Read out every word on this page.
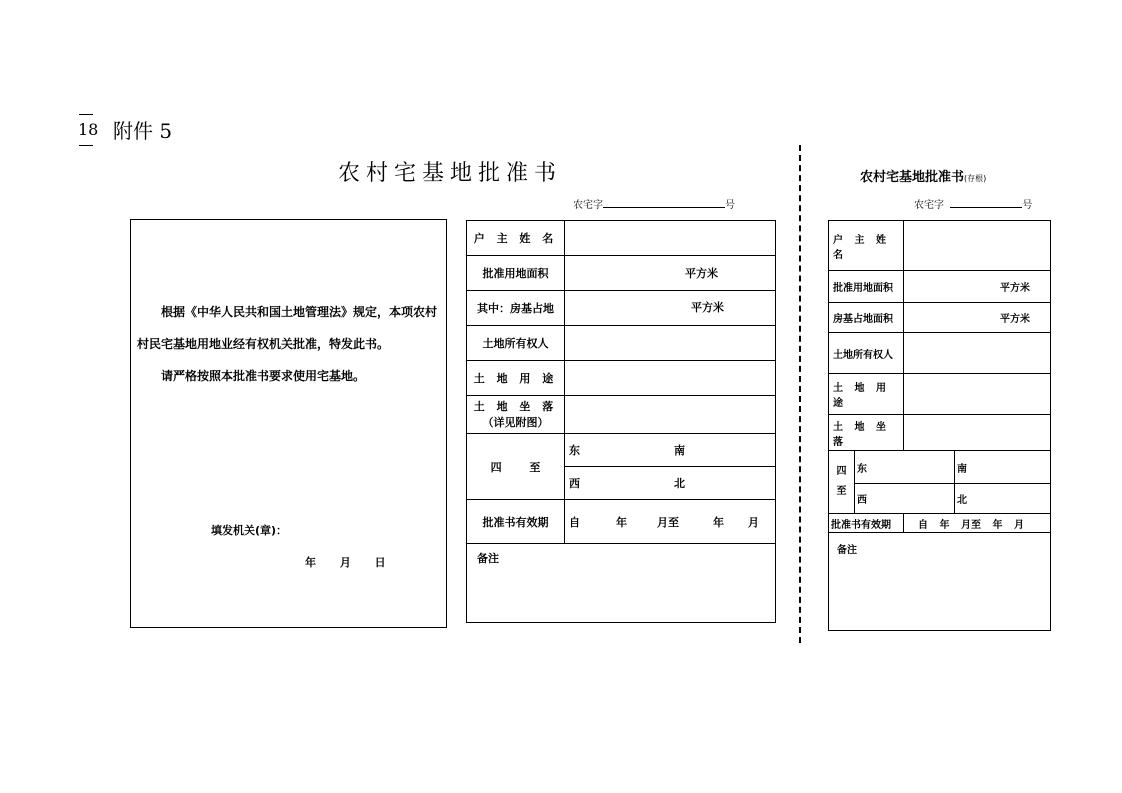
18 附件 5
农村宅基地批准书
农宅字	号

根据《中华人民共和国土地管理法》规定，本项农村村民宅基地用地业经有权机关批准，特发此书。

请严格按照本批准书要求使用宅基地。

填发机关(章)：
年 月 日
户 主 姓 名	
批准用地面积	平方米
其中：房基占地	平方米
土地所有权人	
土 地 用 途	

土 地 坐 落
（详见附图）	

四 至	东 南
	西 北
批准书有效期	自 年 月至 年 月
备注	
农村宅基地批准书(存根)
农宅字	号
户 主 姓 名			
批准用地面积		平方米	
房基占地面积		平方米	
土地所有权人			
土 地 用 途			
土 地 坐 落			

四
至	东		南
	西		北
批准书有效期		自 年 月至 年 月	
备注			
